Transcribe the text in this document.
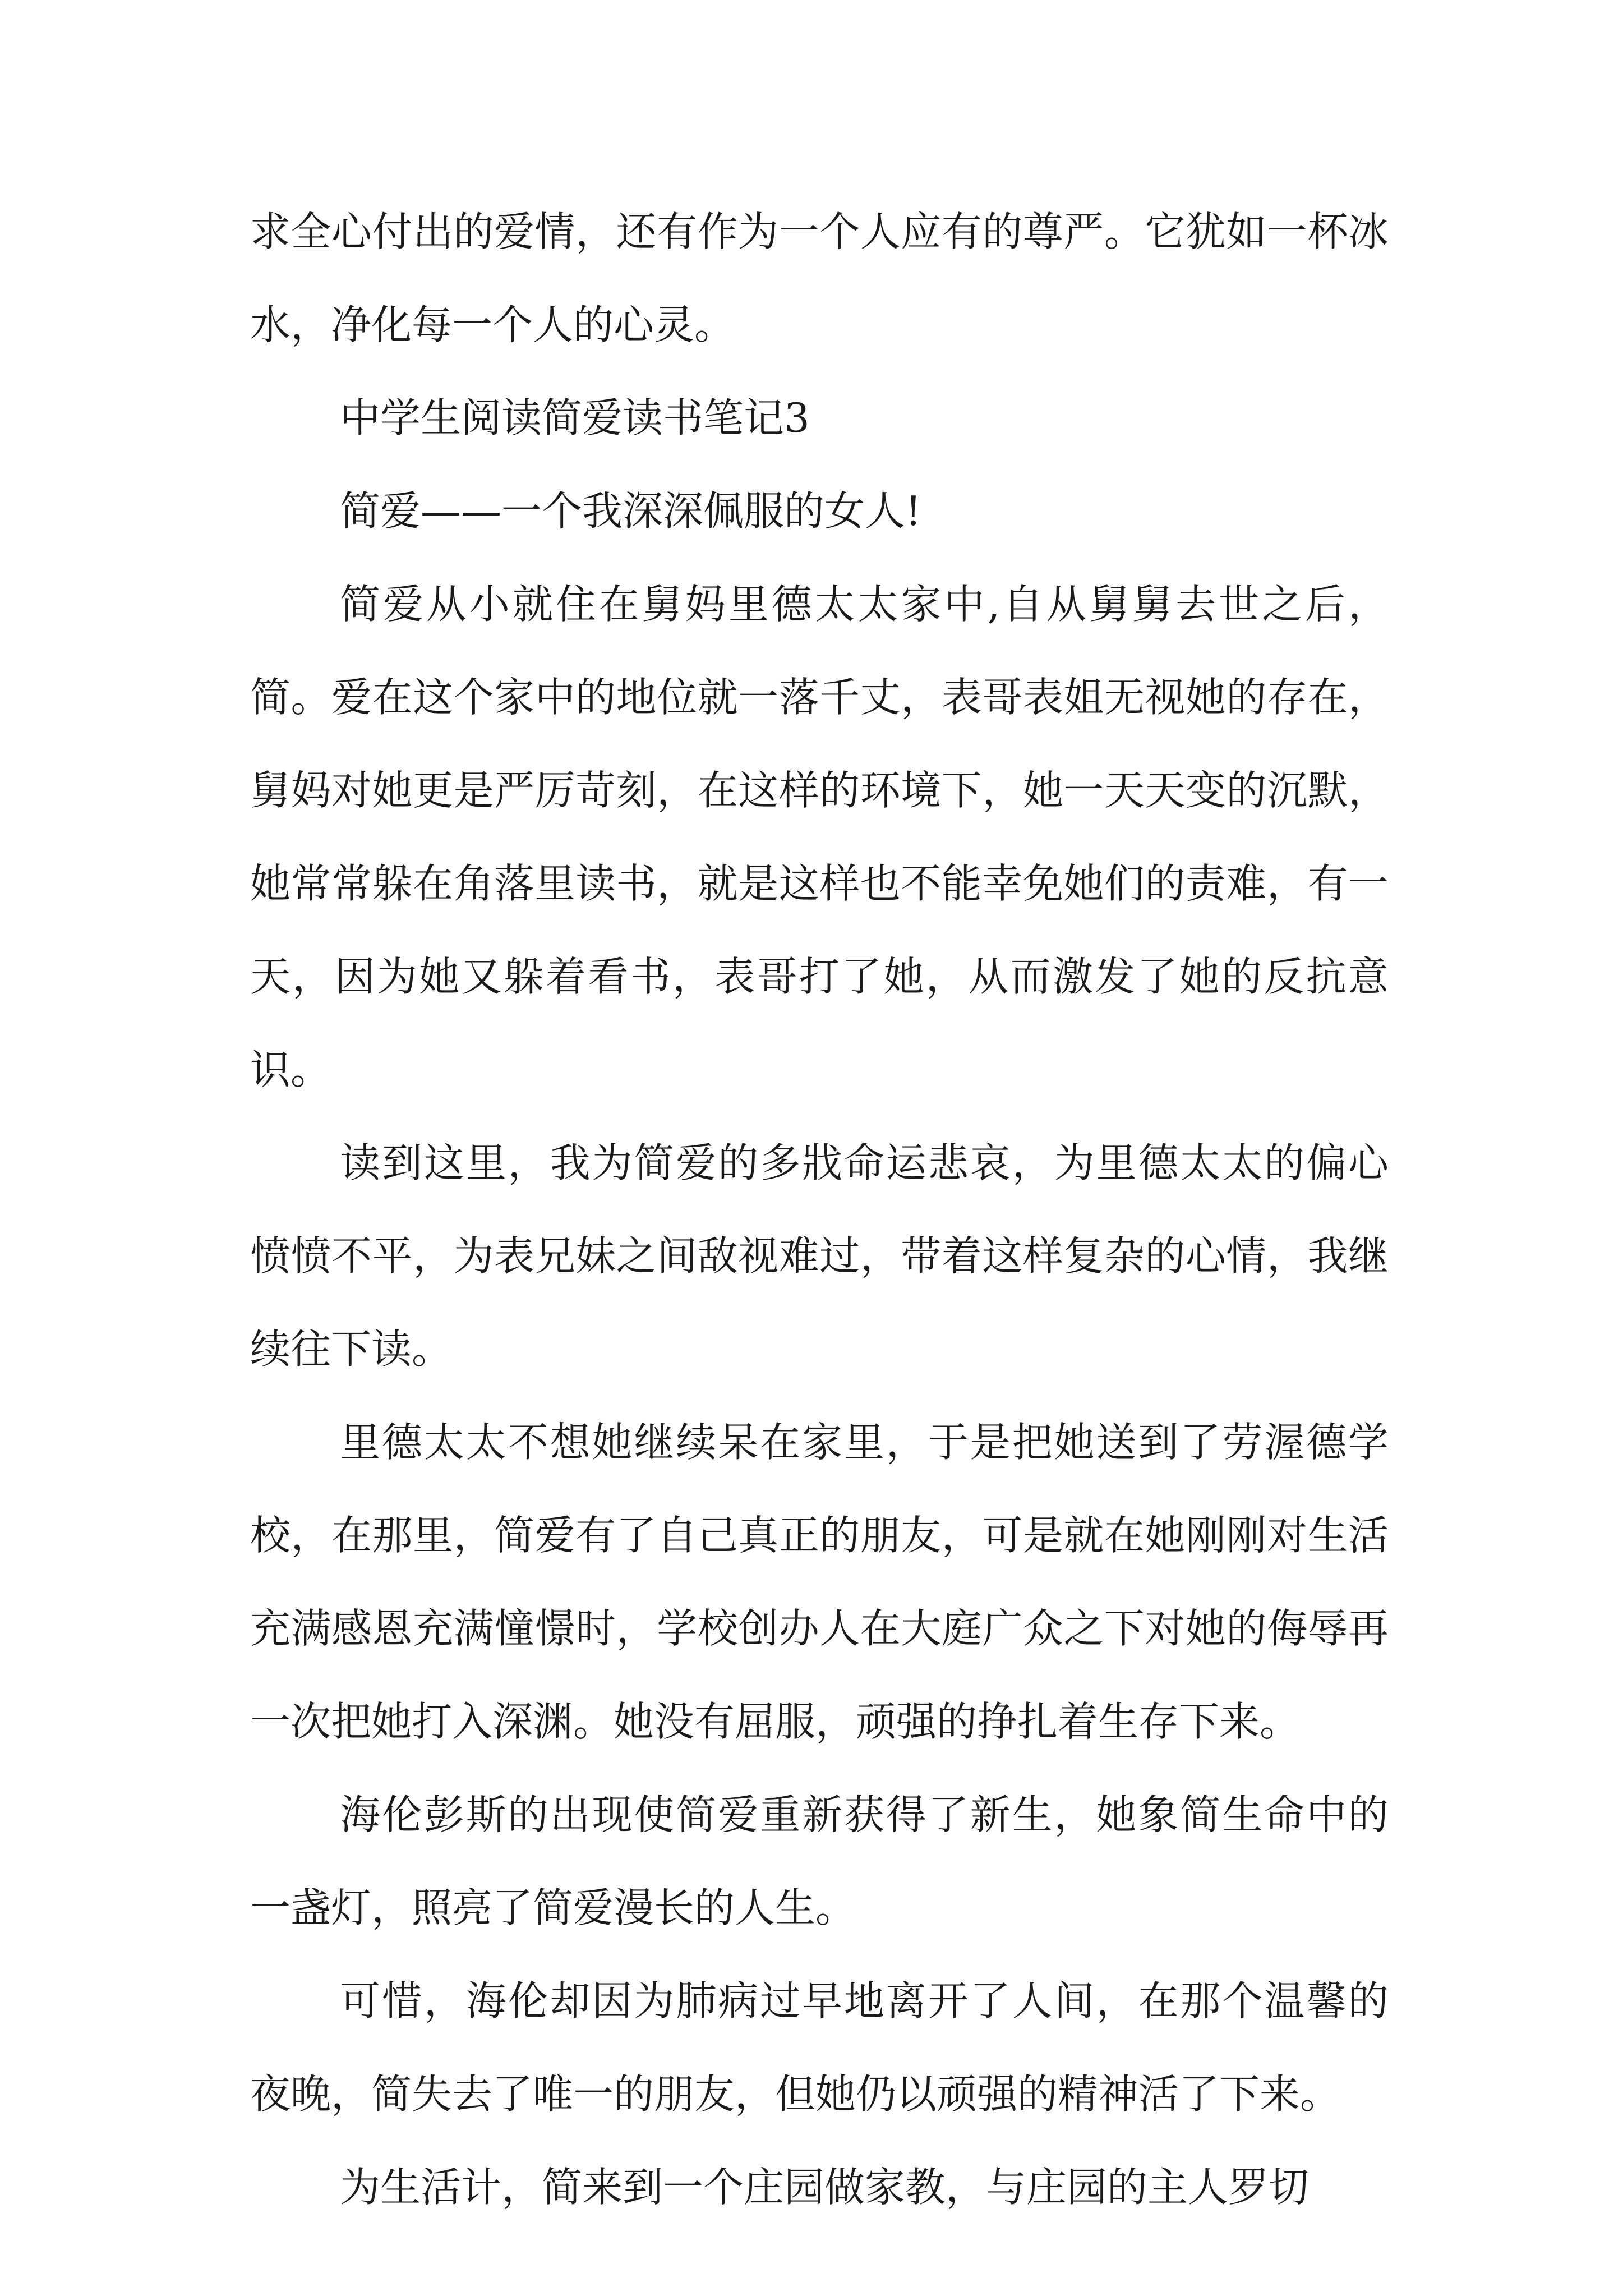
求全心付出的爱情，还有作为一个人应有的尊严。它犹如一杯冰水，净化每一个人的心灵。

中学生阅读简爱读书笔记3

简爱——一个我深深佩服的女人!

简爱从小就住在舅妈里德太太家中,自从舅舅去世之后，简。爱在这个家中的地位就一落千丈，表哥表姐无视她的存在，舅妈对她更是严厉苛刻，在这样的环境下，她一天天变的沉默，她常常躲在角落里读书，就是这样也不能幸免她们的责难，有一天，因为她又躲着看书，表哥打了她，从而激发了她的反抗意识。

读到这里，我为简爱的多戕命运悲哀，为里德太太的偏心愤愤不平，为表兄妹之间敌视难过，带着这样复杂的心情，我继续往下读。

里德太太不想她继续呆在家里，于是把她送到了劳渥德学校，在那里，简爱有了自己真正的朋友，可是就在她刚刚对生活充满感恩充满憧憬时，学校创办人在大庭广众之下对她的侮辱再一次把她打入深渊。她没有屈服，顽强的挣扎着生存下来。

海伦彭斯的出现使简爱重新获得了新生，她象简生命中的一盏灯，照亮了简爱漫长的人生。

可惜，海伦却因为肺病过早地离开了人间，在那个温馨的夜晚，简失去了唯一的朋友，但她仍以顽强的精神活了下来。

为生活计，简来到一个庄园做家教，与庄园的主人罗切
